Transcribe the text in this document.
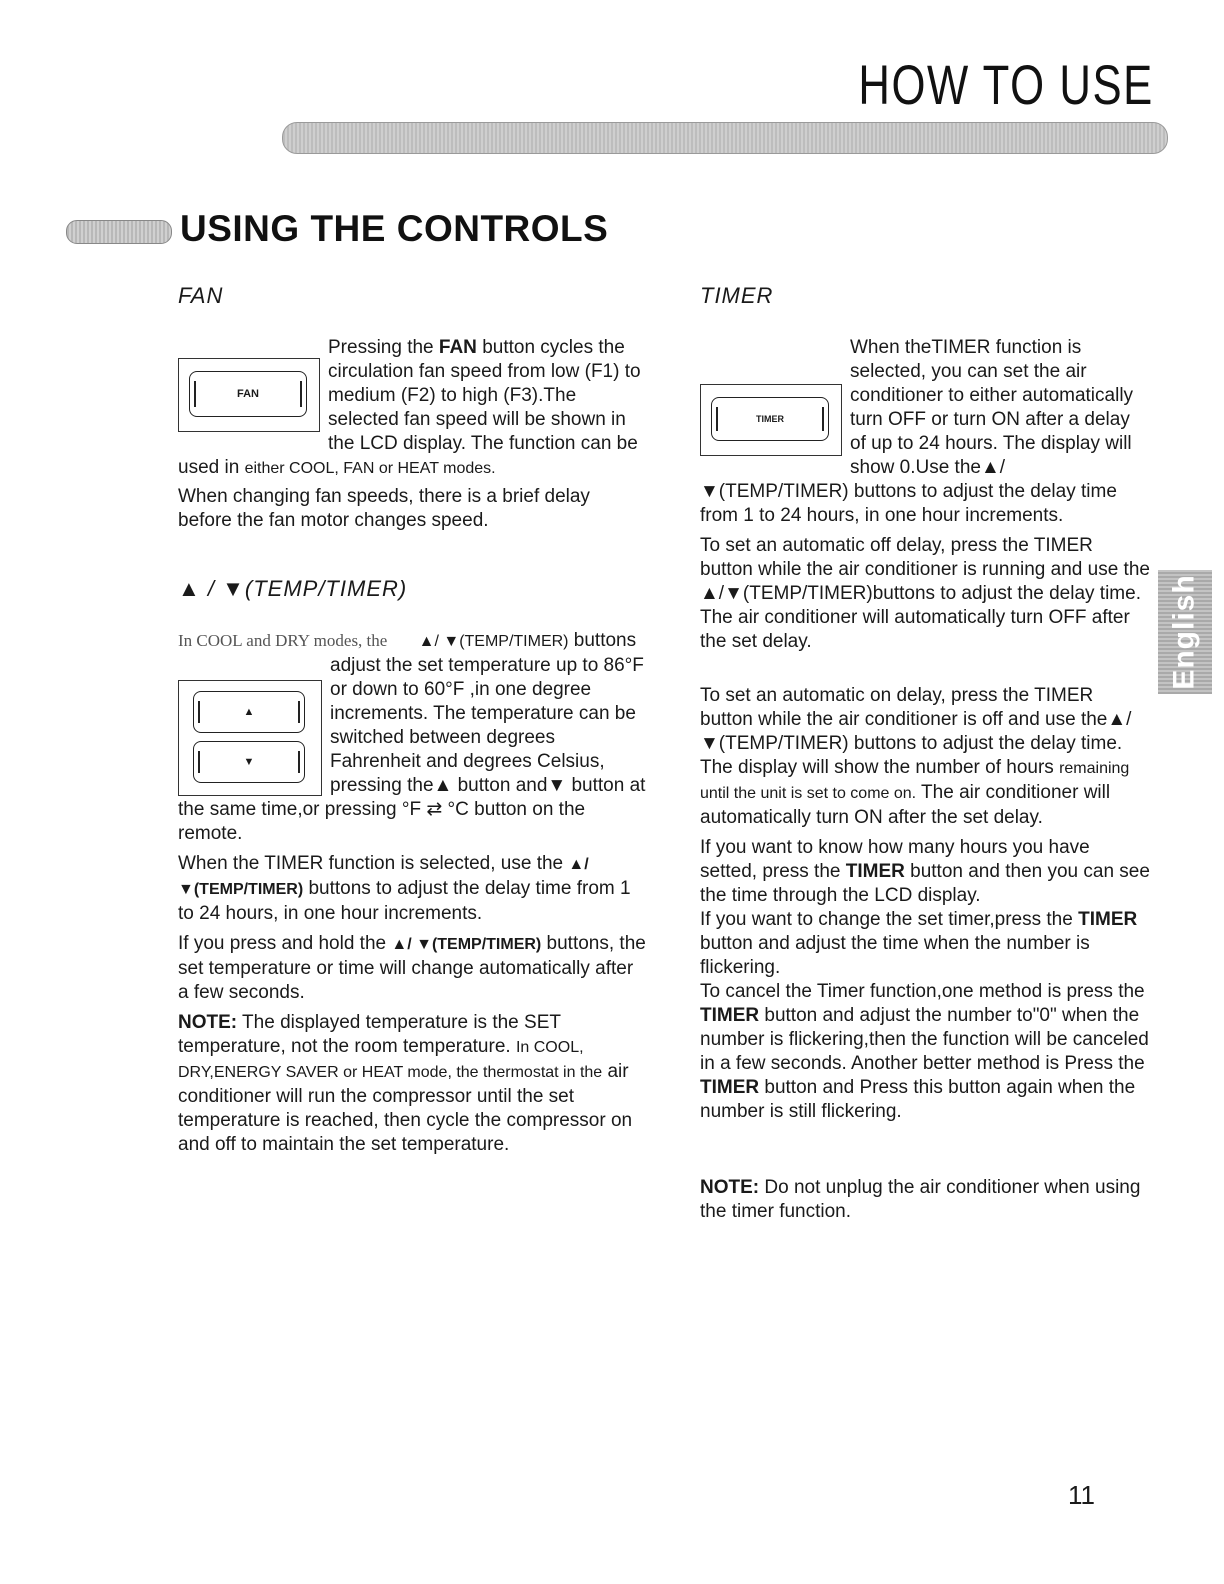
HOW TO USE
USING THE CONTROLS
FAN
Pressing the FAN
FAN
button cycles the circulation fan speed from low (F1) to medium (F2) to high (F3).The selected fan speed will be shown in the LCD display. The function can be used in either COOL, FAN or HEAT modes.

When changing fan speeds, there is a brief delay before the fan motor changes speed.

▲ / ▼(TEMP/TIMER)
In COOL and DRY modes, the ▲/ ▼(TEMP/TIMER)
▲
▼
buttons adjust the set temperature up to 86°F or down to 60°F ,in one degree increments. The temperature can be switched between degrees Fahrenheit and degrees Celsius, pressing the▲ button and▼ button at the same time,or pressing °F ⇄ °C button on the remote.

When the TIMER function is selected, use the ▲/ ▼(TEMP/TIMER) buttons to adjust the delay time from 1 to 24 hours, in one hour increments.

If you press and hold the ▲/ ▼(TEMP/TIMER) buttons, the set temperature or time will change automatically after a few seconds.

NOTE: The displayed temperature is the SET temperature, not the room temperature. In COOL, DRY,ENERGY SAVER or HEAT mode, the thermostat in the air conditioner will run the compressor until the set temperature is reached, then cycle the compressor on and off to maintain the set temperature.

TIMER
TIMER
When theTIMER function is selected, you can set the air conditioner to either automatically turn OFF or turn ON after a delay of up to 24 hours. The display will show 0.Use the▲/▼(TEMP/TIMER) buttons to adjust the delay time from 1 to 24 hours, in one hour increments.

To set an automatic off delay, press the TIMER button while the air conditioner is running and use the ▲/▼(TEMP/TIMER)buttons to adjust the delay time. The air conditioner will automatically turn OFF after the set delay.

To set an automatic on delay, press the TIMER button while the air conditioner is off and use the▲/▼(TEMP/TIMER) buttons to adjust the delay time.

The display will show the number of hours remaining until the unit is set to come on. The air conditioner will automatically turn ON after the set delay.

If you want to know how many hours you have setted, press the TIMER button and then you can see the time through the LCD display.

If you want to change the set timer,press the TIMER button and adjust the time when the number is flickering.

To cancel the Timer function,one method is press the TIMER button and adjust the number to"0" when the number is flickering,then the function will be canceled in a few seconds. Another better method is Press the TIMER button and Press this button again when the number is still flickering.

NOTE: Do not unplug the air conditioner when using the timer function.

English
11
